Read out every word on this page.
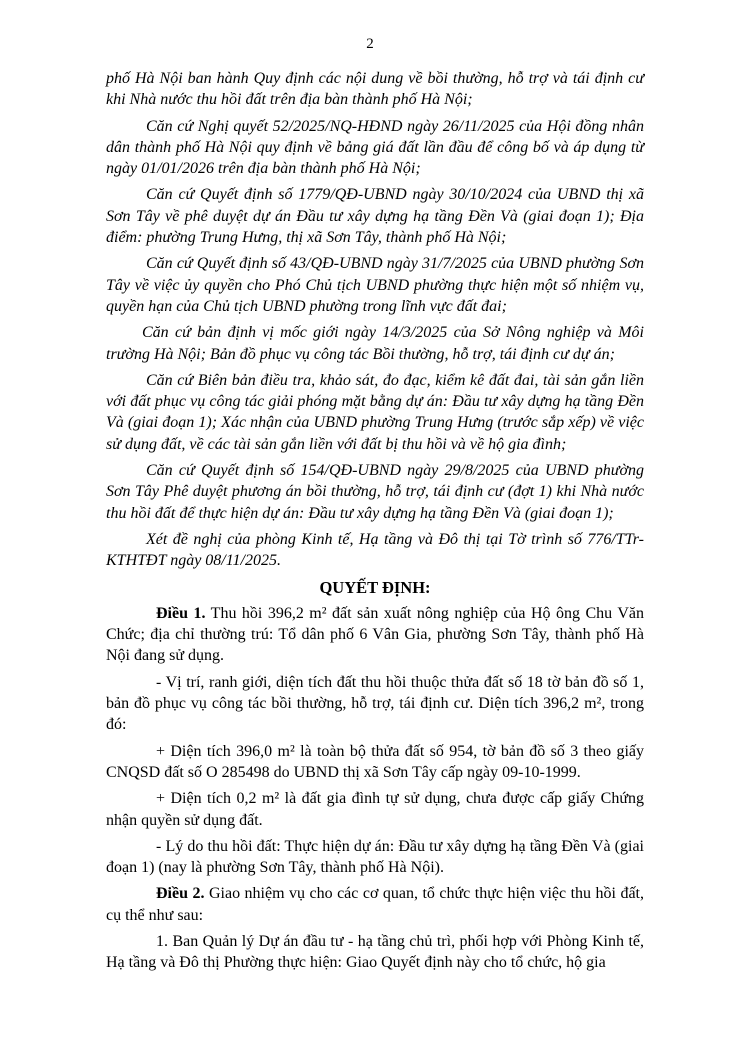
2

phố Hà Nội ban hành Quy định các nội dung về bồi thường, hỗ trợ và tái định cư khi Nhà nước thu hồi đất trên địa bàn thành phố Hà Nội;

Căn cứ Nghị quyết 52/2025/NQ-HĐND ngày 26/11/2025 của Hội đồng nhân dân thành phố Hà Nội quy định về bảng giá đất lần đầu để công bố và áp dụng từ ngày 01/01/2026 trên địa bàn thành phố Hà Nội;

Căn cứ Quyết định số 1779/QĐ-UBND ngày 30/10/2024 của UBND thị xã Sơn Tây về phê duyệt dự án Đầu tư xây dựng hạ tầng Đền Và (giai đoạn 1); Địa điểm: phường Trung Hưng, thị xã Sơn Tây, thành phố Hà Nội;

Căn cứ Quyết định số 43/QĐ-UBND ngày 31/7/2025 của UBND phường Sơn Tây về việc ủy quyền cho Phó Chủ tịch UBND phường thực hiện một số nhiệm vụ, quyền hạn của Chủ tịch UBND phường trong lĩnh vực đất đai;

Căn cứ bản định vị mốc giới ngày 14/3/2025 của Sở Nông nghiệp và Môi trường Hà Nội; Bản đồ phục vụ công tác Bồi thường, hỗ trợ, tái định cư dự án;

Căn cứ Biên bản điều tra, khảo sát, đo đạc, kiểm kê đất đai, tài sản gắn liền với đất phục vụ công tác giải phóng mặt bằng dự án: Đầu tư xây dựng hạ tầng Đền Và (giai đoạn 1); Xác nhận của UBND phường Trung Hưng (trước sắp xếp) về việc sử dụng đất, về các tài sản gắn liền với đất bị thu hồi và về hộ gia đình;

Căn cứ Quyết định số 154/QĐ-UBND ngày 29/8/2025 của UBND phường Sơn Tây Phê duyệt phương án bồi thường, hỗ trợ, tái định cư (đợt 1) khi Nhà nước thu hồi đất để thực hiện dự án: Đầu tư xây dựng hạ tầng Đền Và (giai đoạn 1);

Xét đề nghị của phòng Kinh tế, Hạ tầng và Đô thị tại Tờ trình số 776/TTr-KTHTĐT ngày 08/11/2025.

QUYẾT ĐỊNH:

Điều 1. Thu hồi 396,2 m² đất sản xuất nông nghiệp của Hộ ông Chu Văn Chức; địa chỉ thường trú: Tổ dân phố 6 Vân Gia, phường Sơn Tây, thành phố Hà Nội đang sử dụng.

- Vị trí, ranh giới, diện tích đất thu hồi thuộc thửa đất số 18 tờ bản đồ số 1, bản đồ phục vụ công tác bồi thường, hỗ trợ, tái định cư. Diện tích 396,2 m², trong đó:

+ Diện tích 396,0 m² là toàn bộ thửa đất số 954, tờ bản đồ số 3 theo giấy CNQSD đất số O 285498 do UBND thị xã Sơn Tây cấp ngày 09-10-1999.

+ Diện tích 0,2 m² là đất gia đình tự sử dụng, chưa được cấp giấy Chứng nhận quyền sử dụng đất.

- Lý do thu hồi đất: Thực hiện dự án: Đầu tư xây dựng hạ tầng Đền Và (giai đoạn 1) (nay là phường Sơn Tây, thành phố Hà Nội).

Điều 2. Giao nhiệm vụ cho các cơ quan, tổ chức thực hiện việc thu hồi đất, cụ thể như sau:

1. Ban Quản lý Dự án đầu tư - hạ tầng chủ trì, phối hợp với Phòng Kinh tế, Hạ tầng và Đô thị Phường thực hiện: Giao Quyết định này cho tổ chức, hộ gia
